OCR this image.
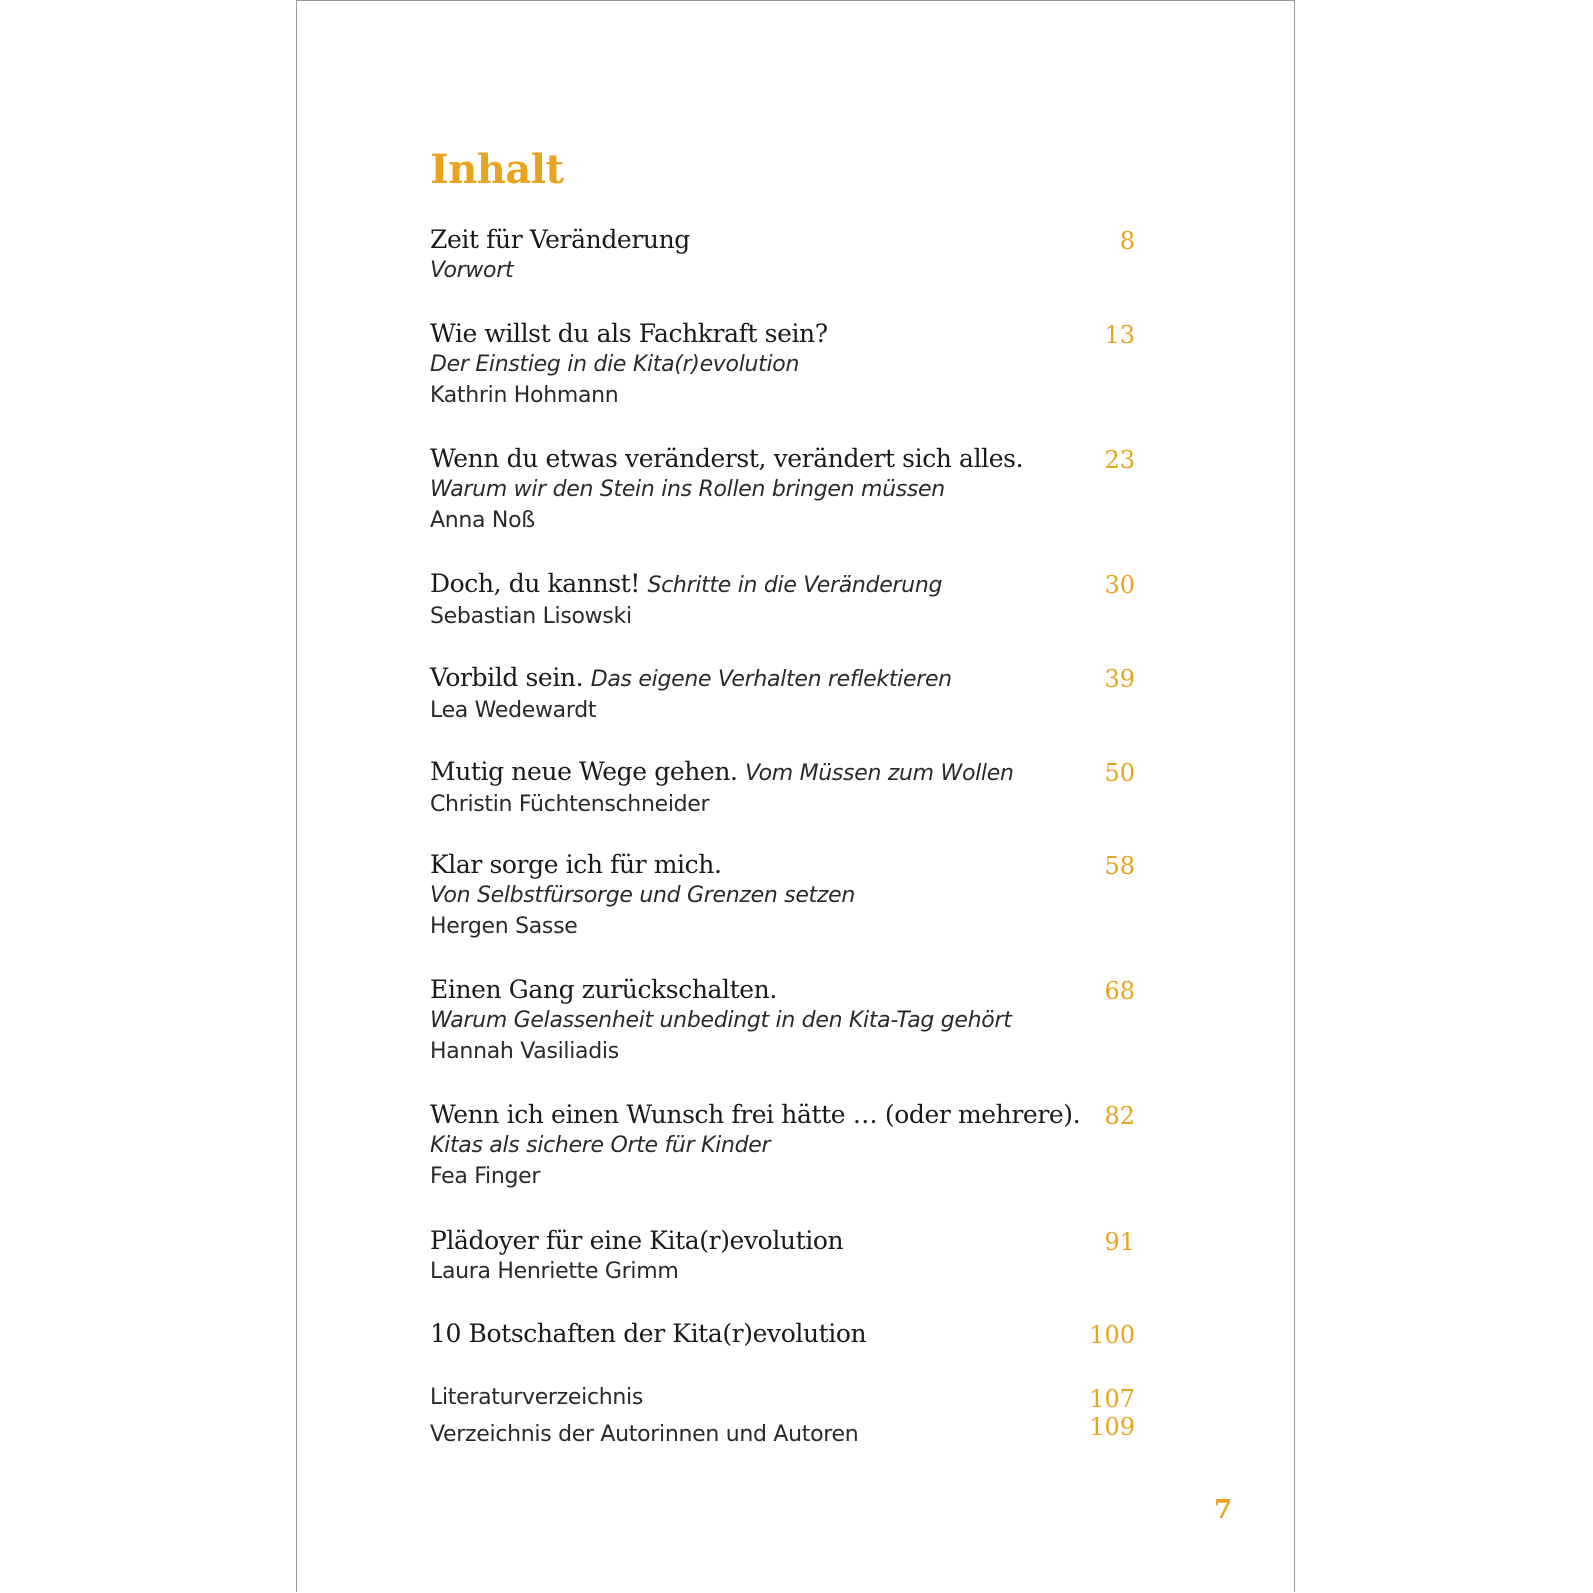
Inhalt
Zeit für Veränderung
Vorwort
8
Wie willst du als Fachkraft sein?
Der Einstieg in die Kita(r)evolution
Kathrin Hohmann
13
Wenn du etwas veränderst, verändert sich alles.
Warum wir den Stein ins Rollen bringen müssen
Anna Noß
23
Doch, du kannst! Schritte in die Veränderung
Sebastian Lisowski
30
Vorbild sein. Das eigene Verhalten reflektieren
Lea Wedewardt
39
Mutig neue Wege gehen. Vom Müssen zum Wollen
Christin Füchtenschneider
50
Klar sorge ich für mich.
Von Selbstfürsorge und Grenzen setzen
Hergen Sasse
58
Einen Gang zurückschalten.
Warum Gelassenheit unbedingt in den Kita-Tag gehört
Hannah Vasiliadis
68
Wenn ich einen Wunsch frei hätte … (oder mehrere).
Kitas als sichere Orte für Kinder
Fea Finger
82
Plädoyer für eine Kita(r)evolution
Laura Henriette Grimm
91
10 Botschaften der Kita(r)evolution	100
Literaturverzeichnis	107
Verzeichnis der Autorinnen und Autoren	109
7
